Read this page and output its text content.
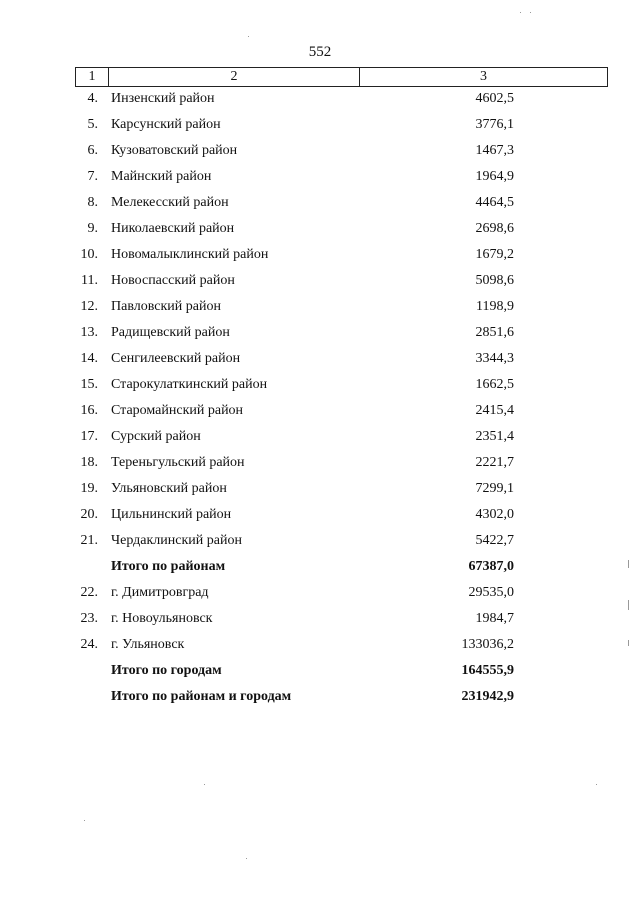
552
1	2	3
4. Инзенский район	4602,5
5. Карсунский район	3776,1
6. Кузоватовский район	1467,3
7. Майнский район	1964,9
8. Мелекесский район	4464,5
9. Николаевский район	2698,6
10. Новомалыклинский район	1679,2
11. Новоспасский район	5098,6
12. Павловский район	1198,9
13. Радищевский район	2851,6
14. Сенгилеевский район	3344,3
15. Старокулаткинский район	1662,5
16. Старомайнский район	2415,4
17. Сурский район	2351,4
18. Тереньгульский район	2221,7
19. Ульяновский район	7299,1
20. Цильнинский район	4302,0
21. Чердаклинский район	5422,7
Итого по районам	67387,0
22. г. Димитровград	29535,0
23. г. Новоульяновск	1984,7
24. г. Ульяновск	133036,2
Итого по городам	164555,9
Итого по районам и городам	231942,9
